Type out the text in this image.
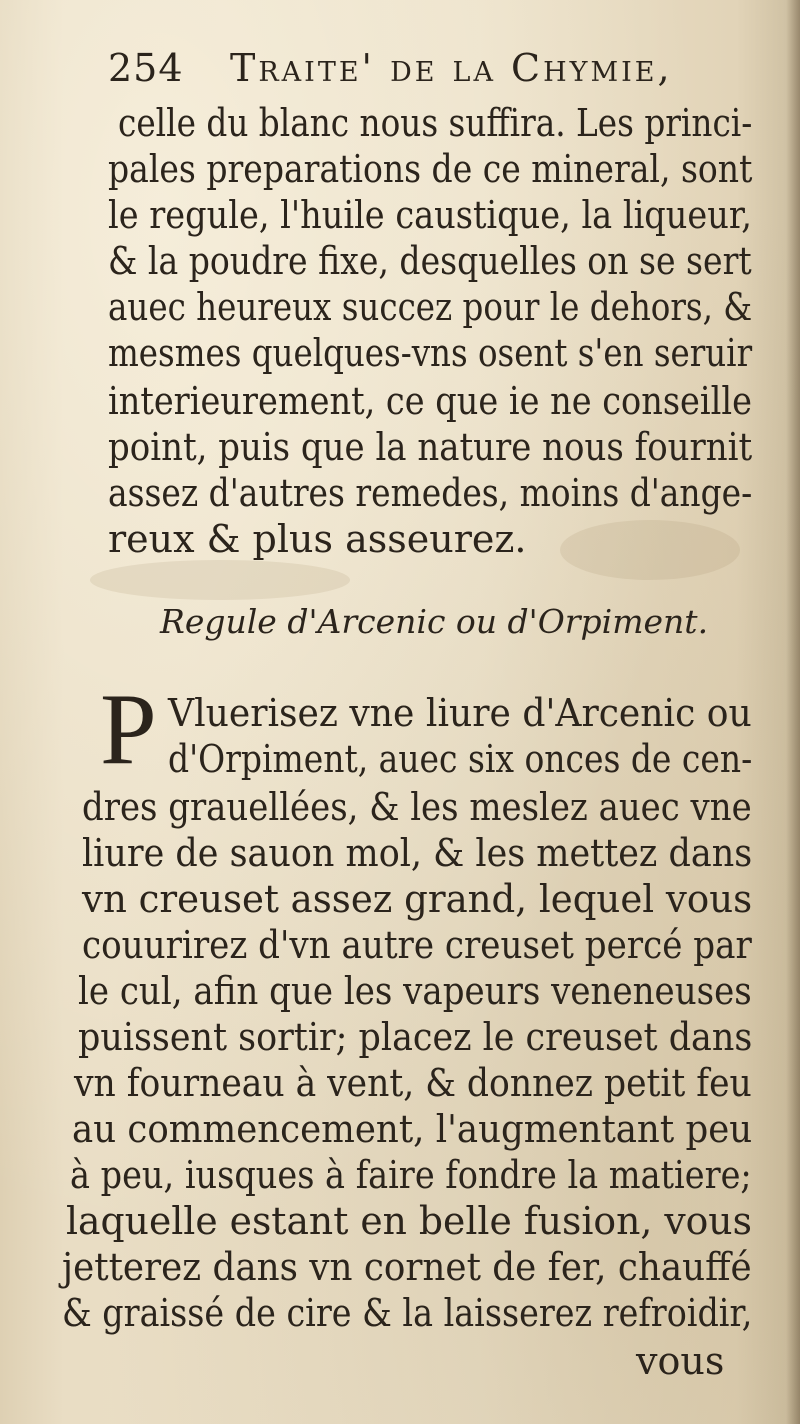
254 Traite' de la Chymie,
celle du blanc nous suffira. Les princi-
pales preparations de ce mineral, sont
le regule, l'huile caustique, la liqueur,
& la poudre fixe, desquelles on se sert
auec heureux succez pour le dehors, &
mesmes quelques-vns osent s'en seruir
interieurement, ce que ie ne conseille
point, puis que la nature nous fournit
assez d'autres remedes, moins d'ange-
reux & plus asseurez.
Regule d'Arcenic ou d'Orpiment.
P Vluerisez vne liure d'Arcenic ou
d'Orpiment, auec six onces de cen-
dres grauellées, & les meslez auec vne
liure de sauon mol, & les mettez dans
vn creuset assez grand, lequel vous
couurirez d'vn autre creuset percé par
le cul, afin que les vapeurs veneneuses
puissent sortir; placez le creuset dans
vn fourneau à vent, & donnez petit feu
au commencement, l'augmentant peu
à peu, iusques à faire fondre la matiere;
laquelle estant en belle fusion, vous
jetterez dans vn cornet de fer, chauffé
& graissé de cire & la laisserez refroidir,
vous
